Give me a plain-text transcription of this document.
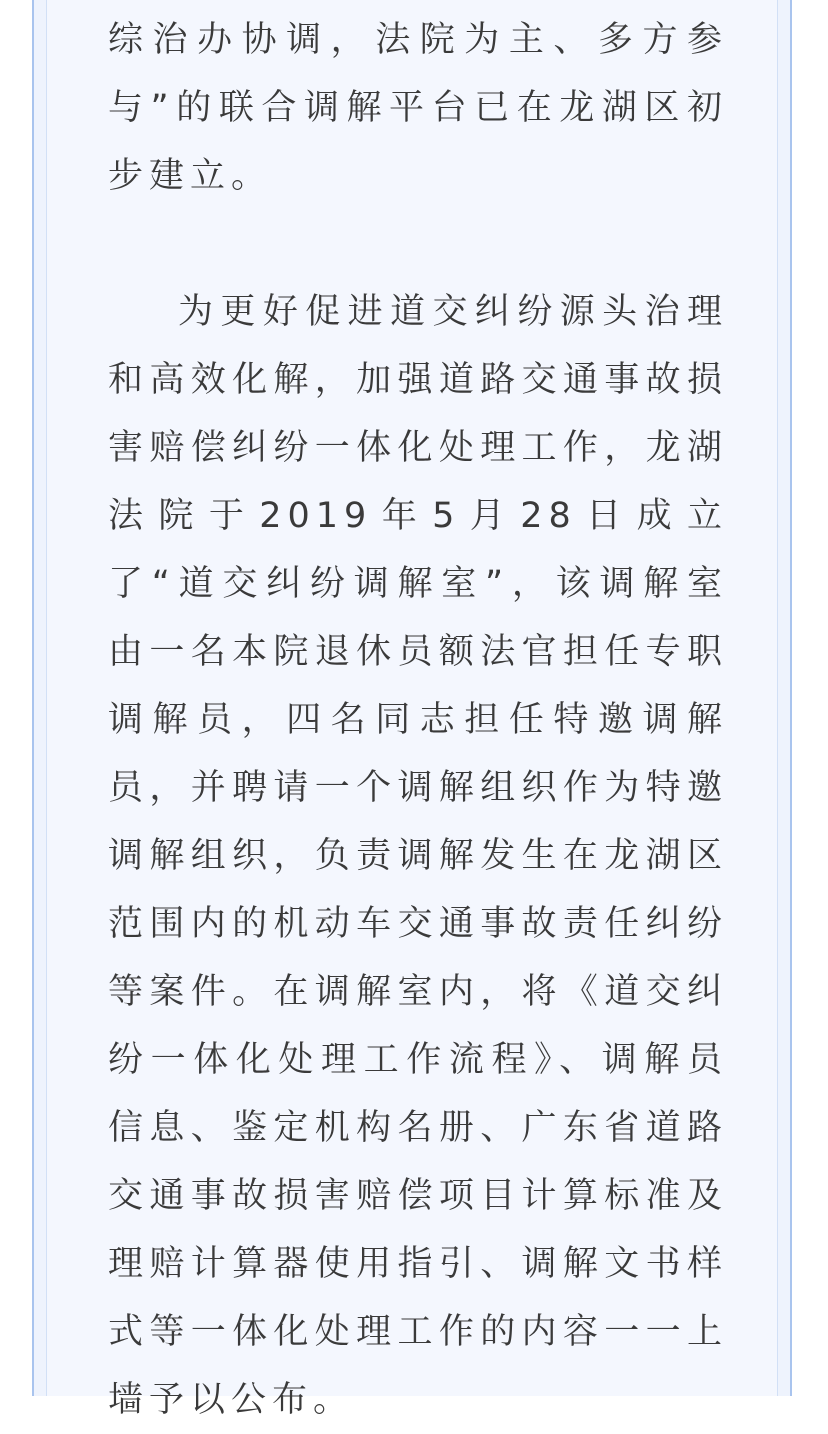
综治办协调，法院为主、多方参与”的联合调解平台已在龙湖区初步建立。

为更好促进道交纠纷源头治理和高效化解，加强道路交通事故损害赔偿纠纷一体化处理工作，龙湖法院于2019年5月28日成立了“道交纠纷调解室”，该调解室由一名本院退休员额法官担任专职调解员，四名同志担任特邀调解员，并聘请一个调解组织作为特邀调解组织，负责调解发生在龙湖区范围内的机动车交通事故责任纠纷等案件。在调解室内，将《道交纠纷一体化处理工作流程》、调解员信息、鉴定机构名册、广东省道路交通事故损害赔偿项目计算标准及理赔计算器使用指引、调解文书样式等一体化处理工作的内容一一上墙予以公布。
